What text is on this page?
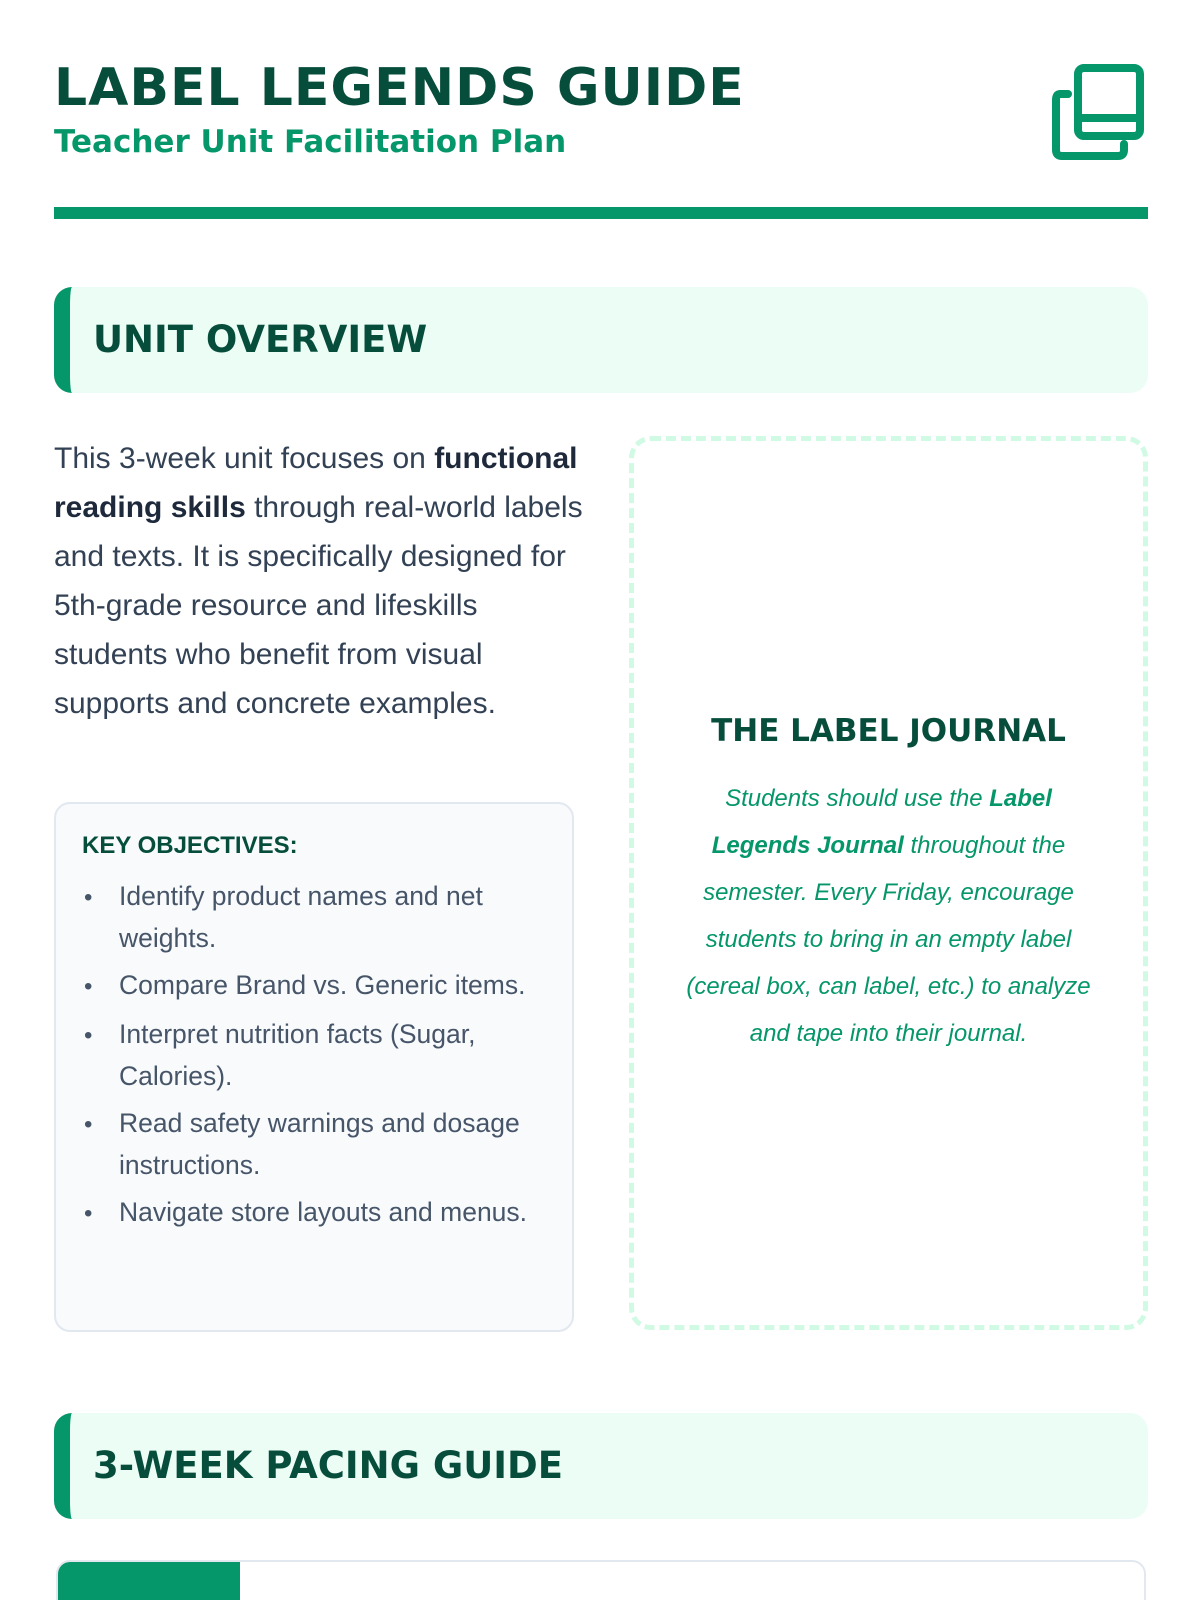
LABEL LEGENDS GUIDE
Teacher Unit Facilitation Plan
UNIT OVERVIEW

This 3-week unit focuses on functional reading skills through real-world labels and texts. It is specifically designed for 5th-grade resource and lifeskills students who benefit from visual supports and concrete examples.

KEY OBJECTIVES:
• Identify product names and net weights.
• Compare Brand vs. Generic items.
• Interpret nutrition facts (Sugar, Calories).
• Read safety warnings and dosage instructions.
• Navigate store layouts and menus.
THE LABEL JOURNAL

Students should use the Label Legends Journal throughout the semester. Every Friday, encourage students to bring in an empty label (cereal box, can label, etc.) to analyze and tape into their journal.

3-WEEK PACING GUIDE
